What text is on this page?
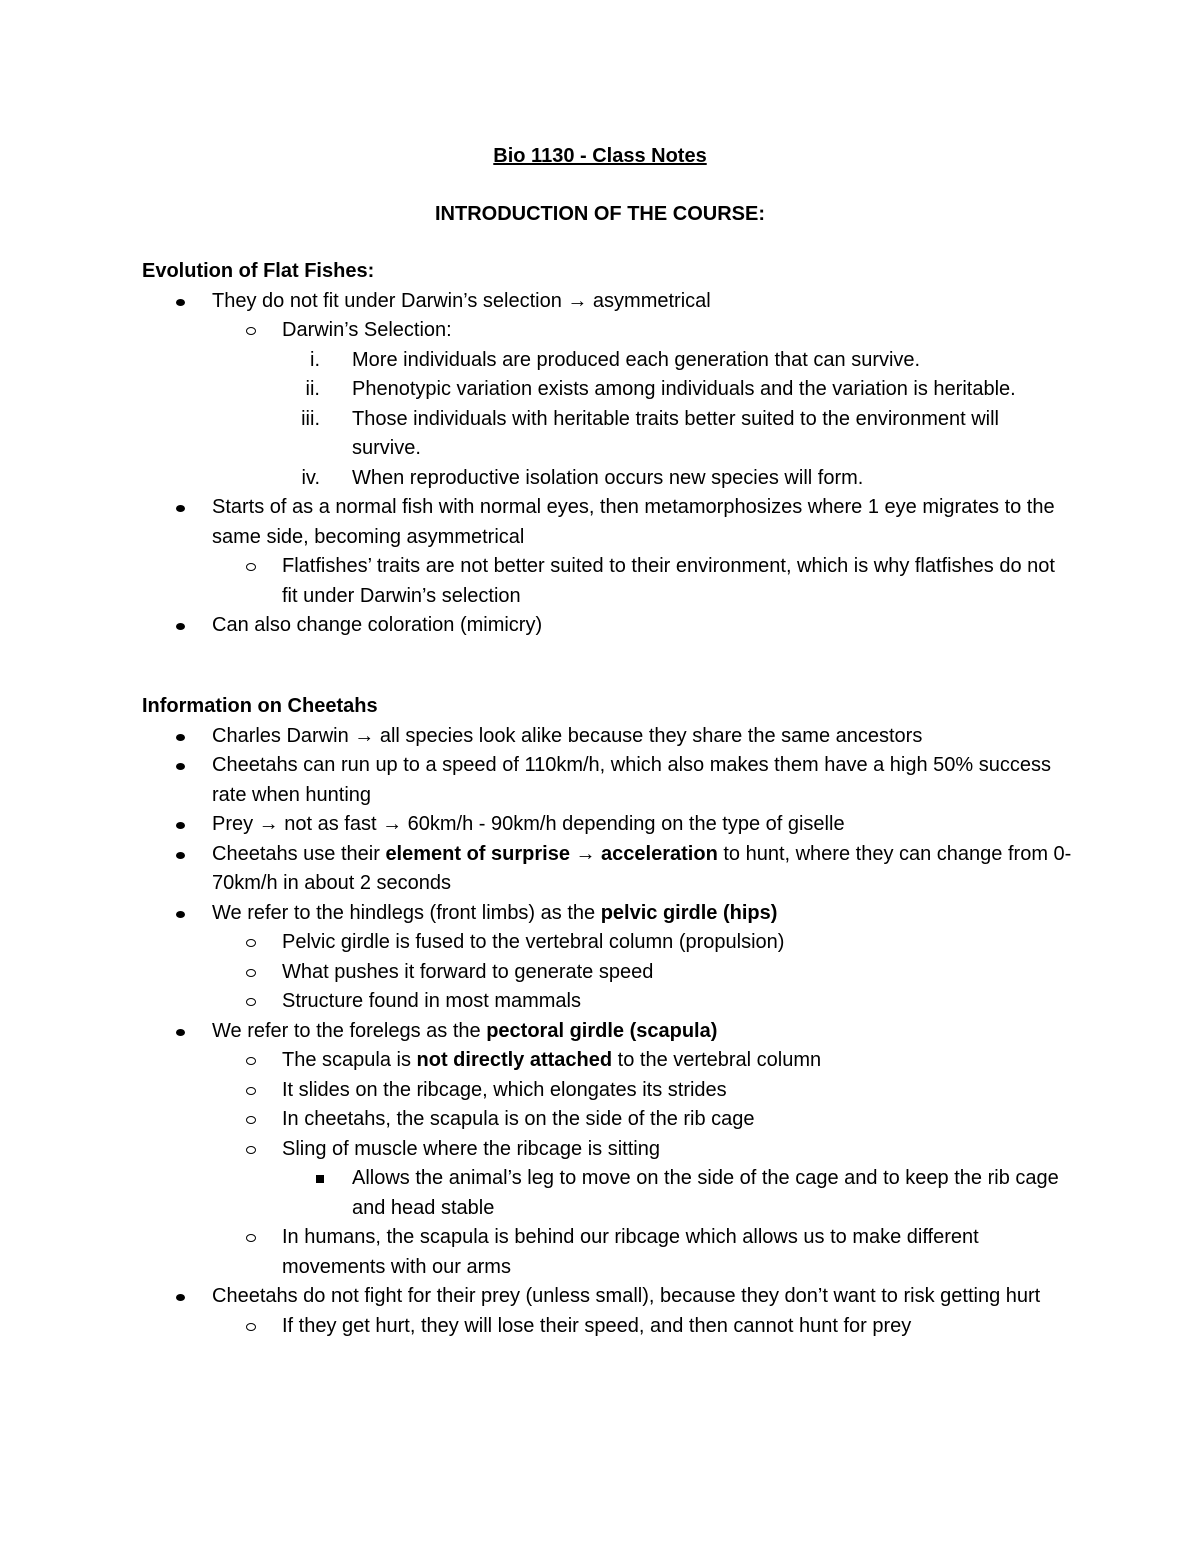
Bio 1130 - Class Notes
INTRODUCTION OF THE COURSE:
Evolution of Flat Fishes:
They do not fit under Darwin’s selection → asymmetrical
Darwin’s Selection:
i. More individuals are produced each generation that can survive.
ii. Phenotypic variation exists among individuals and the variation is heritable.
iii. Those individuals with heritable traits better suited to the environment will survive.
iv. When reproductive isolation occurs new species will form.
Starts of as a normal fish with normal eyes, then metamorphosizes where 1 eye migrates to the same side, becoming asymmetrical
Flatfishes’ traits are not better suited to their environment, which is why flatfishes do not fit under Darwin’s selection
Can also change coloration (mimicry)
Information on Cheetahs
Charles Darwin → all species look alike because they share the same ancestors
Cheetahs can run up to a speed of 110km/h, which also makes them have a high 50% success rate when hunting
Prey → not as fast → 60km/h - 90km/h depending on the type of giselle
Cheetahs use their element of surprise → acceleration to hunt, where they can change from 0-70km/h in about 2 seconds
We refer to the hindlegs (front limbs) as the pelvic girdle (hips)
Pelvic girdle is fused to the vertebral column (propulsion)
What pushes it forward to generate speed
Structure found in most mammals
We refer to the forelegs as the pectoral girdle (scapula)
The scapula is not directly attached to the vertebral column
It slides on the ribcage, which elongates its strides
In cheetahs, the scapula is on the side of the rib cage
Sling of muscle where the ribcage is sitting
Allows the animal’s leg to move on the side of the cage and to keep the rib cage and head stable
In humans, the scapula is behind our ribcage which allows us to make different movements with our arms
Cheetahs do not fight for their prey (unless small), because they don’t want to risk getting hurt
If they get hurt, they will lose their speed, and then cannot hunt for prey
